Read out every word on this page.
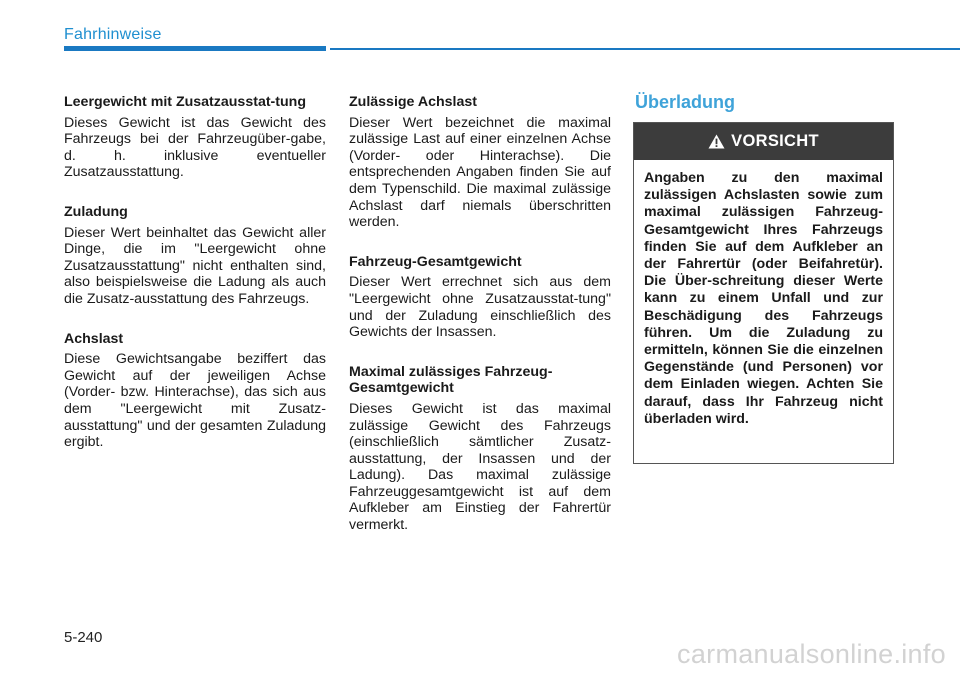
Fahrhinweise
Leergewicht mit Zusatzausstat-tung

Dieses Gewicht ist das Gewicht des Fahrzeugs bei der Fahrzeugüber-gabe, d. h. inklusive eventueller Zusatzausstattung.

Zuladung

Dieser Wert beinhaltet das Gewicht aller Dinge, die im "Leergewicht ohne Zusatzausstattung" nicht enthalten sind, also beispielsweise die Ladung als auch die Zusatz-ausstattung des Fahrzeugs.

Achslast

Diese Gewichtsangabe beziffert das Gewicht auf der jeweiligen Achse (Vorder- bzw. Hinterachse), das sich aus dem "Leergewicht mit Zusatz-ausstattung" und der gesamten Zuladung ergibt.

Zulässige Achslast

Dieser Wert bezeichnet die maximal zulässige Last auf einer einzelnen Achse (Vorder- oder Hinterachse). Die entsprechenden Angaben finden Sie auf dem Typenschild. Die maximal zulässige Achslast darf niemals überschritten werden.

Fahrzeug-Gesamtgewicht

Dieser Wert errechnet sich aus dem "Leergewicht ohne Zusatzausstat-tung" und der Zuladung einschließlich des Gewichts der Insassen.

Maximal zulässiges Fahrzeug-Gesamtgewicht

Dieses Gewicht ist das maximal zulässige Gewicht des Fahrzeugs (einschließlich sämtlicher Zusatz-ausstattung, der Insassen und der Ladung). Das maximal zulässige Fahrzeuggesamtgewicht ist auf dem Aufkleber am Einstieg der Fahrertür vermerkt.

Überladung
VORSICHT
Angaben zu den maximal zulässigen Achslasten sowie zum maximal zulässigen Fahrzeug- Gesamtgewicht Ihres Fahrzeugs finden Sie auf dem Aufkleber an der Fahrertür (oder Beifahretür). Die Über-schreitung dieser Werte kann zu einem Unfall und zur Beschädigung des Fahrzeugs führen. Um die Zuladung zu ermitteln, können Sie die einzelnen Gegenstände (und Personen) vor dem Einladen wiegen. Achten Sie darauf, dass Ihr Fahrzeug nicht überladen wird.
5-240
carmanualsonline.info
